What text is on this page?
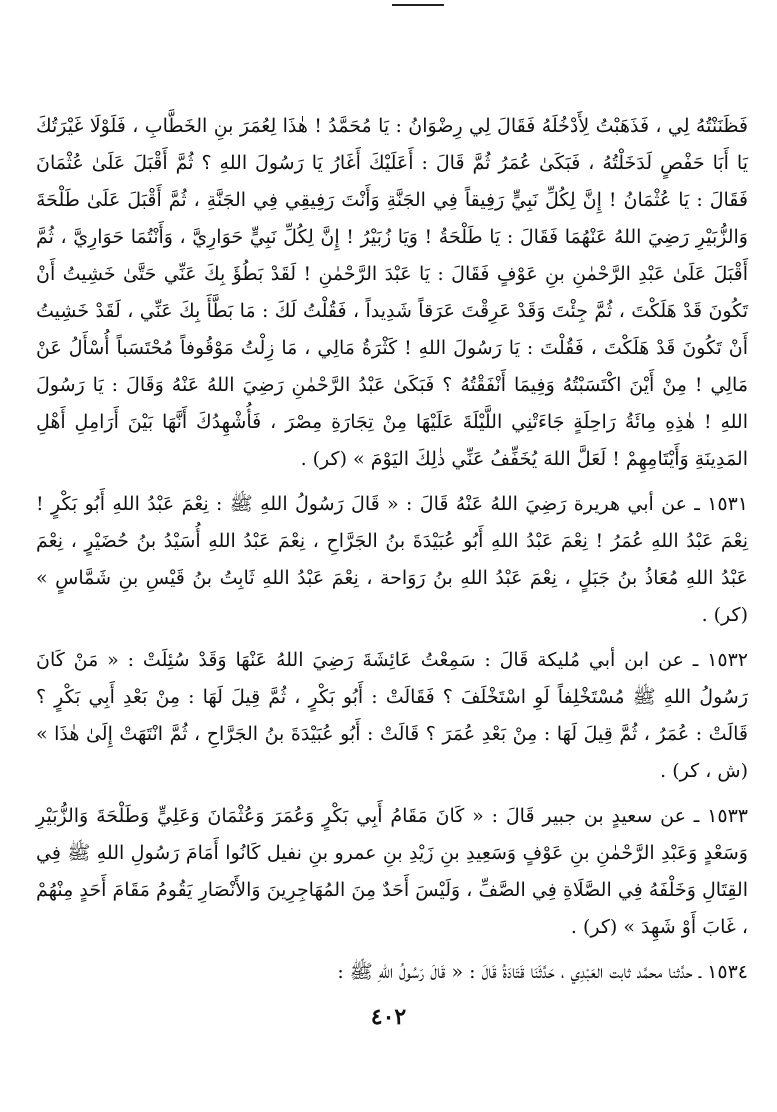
فَظَنَنْتُهُ لِي ، فَذَهَبْتُ لِأَدْخُلَهُ فَقَالَ لِي رِضْوَانُ : يَا مُحَمَّدُ ! هٰذَا لِعُمَرَ بنِ الخَطَّابِ ، فَلَوْلَا غَيْرَتُكَ يَا أَبَا حَفْصٍ لَدَخَلْتُهُ ، فَبَكَىٰ عُمَرُ ثُمَّ قَالَ : أَعَلَيْكَ أَغَارُ يَا رَسُولَ اللهِ ؟ ثُمَّ أَقْبَلَ عَلَىٰ عُثْمَانَ فَقَالَ : يَا عُثْمَانُ ! إِنَّ لِكُلِّ نَبِيٍّ رَفِيقاً فِي الجَنَّةِ وَأَنْتَ رَفِيقِي فِي الجَنَّةِ ، ثُمَّ أَقْبَلَ عَلَىٰ طَلْحَةَ وَالزُّبَيْرِ رَضِيَ اللهُ عَنْهُمَا فَقَالَ : يَا طَلْحَةُ ! وَيَا زُبَيْرُ ! إِنَّ لِكُلِّ نَبِيٍّ حَوَارِيَّ ، وَأَنْتُمَا حَوَارِيَّ ، ثُمَّ أَقْبَلَ عَلَىٰ عَبْدِ الرَّحْمٰنِ بنِ عَوْفٍ فَقَالَ : يَا عَبْدَ الرَّحْمٰنِ ! لَقَدْ بَطُؤَ بِكَ عَنِّي حَتَّىٰ خَشِيتُ أَنْ تَكُونَ قَدْ هَلَكْتَ ، ثُمَّ جِئْتَ وَقَدْ عَرِقْتَ عَرَقاً شَدِيداً ، فَقُلْتُ لَكَ : مَا بَطَّأَ بِكَ عَنِّي ، لَقَدْ خَشِيتُ أَنْ تَكُونَ قَدْ هَلَكْتَ ، فَقُلْتَ : يَا رَسُولَ اللهِ ! كَثْرَةُ مَالِي ، مَا زِلْتُ مَوْقُوفاً مُحْتَسَباً أُسْأَلُ عَنْ مَالِي ! مِنْ أَيْنَ اكْتَسَبْتُهُ وَفِيمَا أَنْفَقْتُهُ ؟ فَبَكَىٰ عَبْدُ الرَّحْمٰنِ رَضِيَ اللهُ عَنْهُ وَقَالَ : يَا رَسُولَ اللهِ ! هٰذِهِ مِائَةُ رَاحِلَةٍ جَاءَتْنِي اللَّيْلَةَ عَلَيْهَا مِنْ تِجَارَةِ مِصْرَ ، فَأُشْهِدُكَ أَنَّهَا بَيْنَ أَرَامِلِ أَهْلِ المَدِينَةِ وَأَيْتَامِهِمْ ! لَعَلَّ اللهَ يُخَفِّفُ عَنِّي ذٰلِكَ اليَوْمَ » (كر) .

١٥٣١ ـ عن أبي هريرة رَضِيَ اللهُ عَنْهُ قَالَ : « قَالَ رَسُولُ اللهِ ﷺ : نِعْمَ عَبْدُ اللهِ أَبُو بَكْرٍ ! نِعْمَ عَبْدُ اللهِ عُمَرُ ! نِعْمَ عَبْدُ اللهِ أَبُو عُبَيْدَةَ بنُ الجَرَّاحِ ، نِعْمَ عَبْدُ اللهِ أُسَيْدُ بنُ حُضَيْرٍ ، نِعْمَ عَبْدُ اللهِ مُعَاذُ بنُ جَبَلٍ ، نِعْمَ عَبْدُ اللهِ بنُ رَوَاحة ، نِعْمَ عَبْدُ اللهِ ثَابِتُ بنُ قَيْسِ بنِ شَمَّاسٍ » (كر) .

١٥٣٢ ـ عن ابن أبي مُليكة قَالَ : سَمِعْتُ عَائِشَةَ رَضِيَ اللهُ عَنْهَا وَقَدْ سُئِلَتْ : « مَنْ كَانَ رَسُولُ اللهِ ﷺ مُسْتَخْلِفاً لَوِ اسْتَخْلَفَ ؟ فَقَالَتْ : أَبُو بَكْرٍ ، ثُمَّ قِيلَ لَهَا : مِنْ بَعْدِ أَبِي بَكْرٍ ؟ قَالَتْ : عُمَرُ ، ثُمَّ قِيلَ لَهَا : مِنْ بَعْدِ عُمَرَ ؟ قَالَتْ : أَبُو عُبَيْدَةَ بنُ الجَرَّاحِ ، ثُمَّ انْتَهَتْ إِلَىٰ هٰذَا » (ش ، كر) .

١٥٣٣ ـ عن سعيدٍ بن جبير قَالَ : « كَانَ مَقَامُ أَبِي بَكْرٍ وَعُمَرَ وَعُثْمَانَ وَعَلِيٍّ وَطَلْحَةَ وَالزُّبَيْرِ وَسَعْدٍ وَعَبْدِ الرَّحْمٰنِ بنِ عَوْفٍ وَسَعِيدِ بنِ زَيْدِ بنِ عمرو بنِ نفيل كَانُوا أَمَامَ رَسُولِ اللهِ ﷺ فِي القِتَالِ وَخَلْفَهُ فِي الصَّلَاةِ فِي الصَّفِّ ، وَلَيْسَ أَحَدٌ مِنَ المُهَاجِرِينَ وَالأَنْصَارِ يَقُومُ مَقَامَ أَحَدٍ مِنْهُمْ ، غَابَ أَوْ شَهِدَ » (كر) .

١٥٣٤ ـ حدَّثنا محمَّد ثابت العَبْدِي ، حَدَّثَنَا قَتَادَةُ قَالَ : « قَالَ رَسُولُ اللهِ ﷺ :

٤٠٢
